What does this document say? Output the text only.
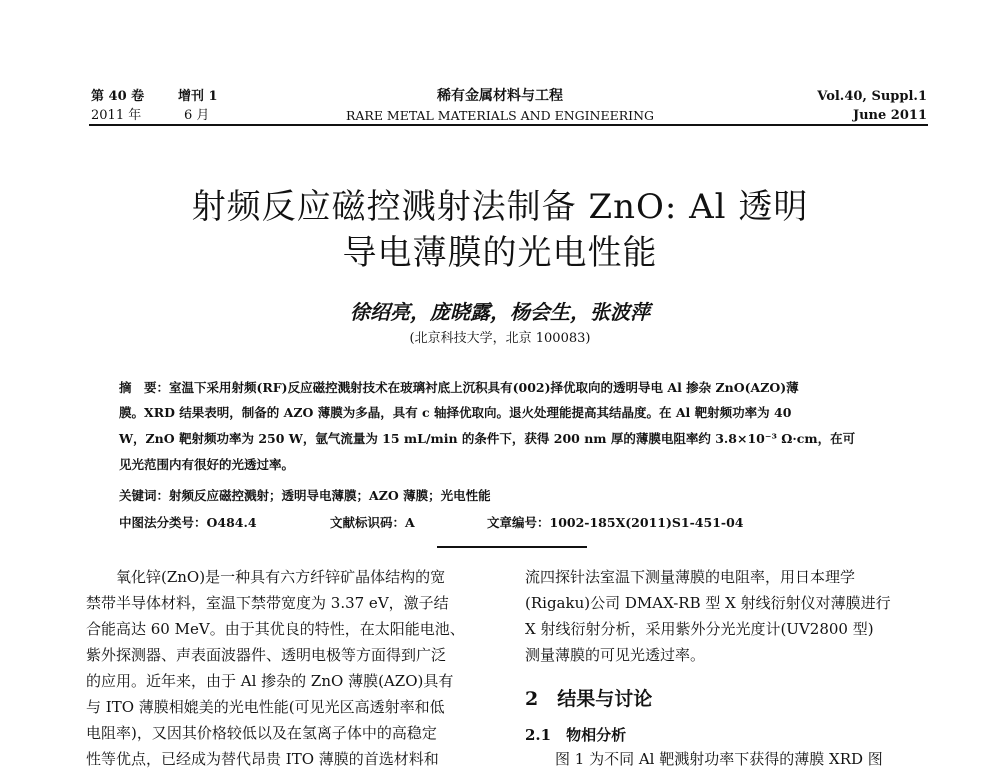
第 40 卷
2011 年
增刊 1
6 月
稀有金属材料与工程
RARE METAL MATERIALS AND ENGINEERING
Vol.40, Suppl.1
June 2011
射频反应磁控溅射法制备 ZnO: Al 透明
导电薄膜的光电性能
徐绍亮，庞晓露，杨会生，张波萍
(北京科技大学，北京 100083)
摘　要：室温下采用射频(RF)反应磁控溅射技术在玻璃衬底上沉积具有(002)择优取向的透明导电 Al 掺杂 ZnO(AZO)薄
膜。XRD 结果表明，制备的 AZO 薄膜为多晶，具有 c 轴择优取向。退火处理能提高其结晶度。在 Al 靶射频功率为 40
W，ZnO 靶射频功率为 250 W，氩气流量为 15 mL/min 的条件下，获得 200 nm 厚的薄膜电阻率约 3.8×10⁻³ Ω·cm，在可
见光范围内有很好的光透过率。
关键词：射频反应磁控溅射；透明导电薄膜；AZO 薄膜；光电性能
中图法分类号：O484.4	文献标识码：A	文章编号：1002-185X(2011)S1-451-04
　　氧化锌(ZnO)是一种具有六方纤锌矿晶体结构的宽
禁带半导体材料，室温下禁带宽度为 3.37 eV，激子结
合能高达 60 MeV。由于其优良的特性，在太阳能电池、
紫外探测器、声表面波器件、透明电极等方面得到广泛
的应用。近年来，由于 Al 掺杂的 ZnO 薄膜(AZO)具有
与 ITO 薄膜相媲美的光电性能(可见光区高透射率和低
电阻率)，又因其价格较低以及在氢离子体中的高稳定
性等优点，已经成为替代昂贵 ITO 薄膜的首选材料和
流四探针法室温下测量薄膜的电阻率，用日本理学
(Rigaku)公司 DMAX-RB 型 X 射线衍射仪对薄膜进行
X 射线衍射分析，采用紫外分光光度计(UV2800 型)
测量薄膜的可见光透过率。
2　结果与讨论
2.1　物相分析
　　图 1 为不同 Al 靶溅射功率下获得的薄膜 XRD 图
